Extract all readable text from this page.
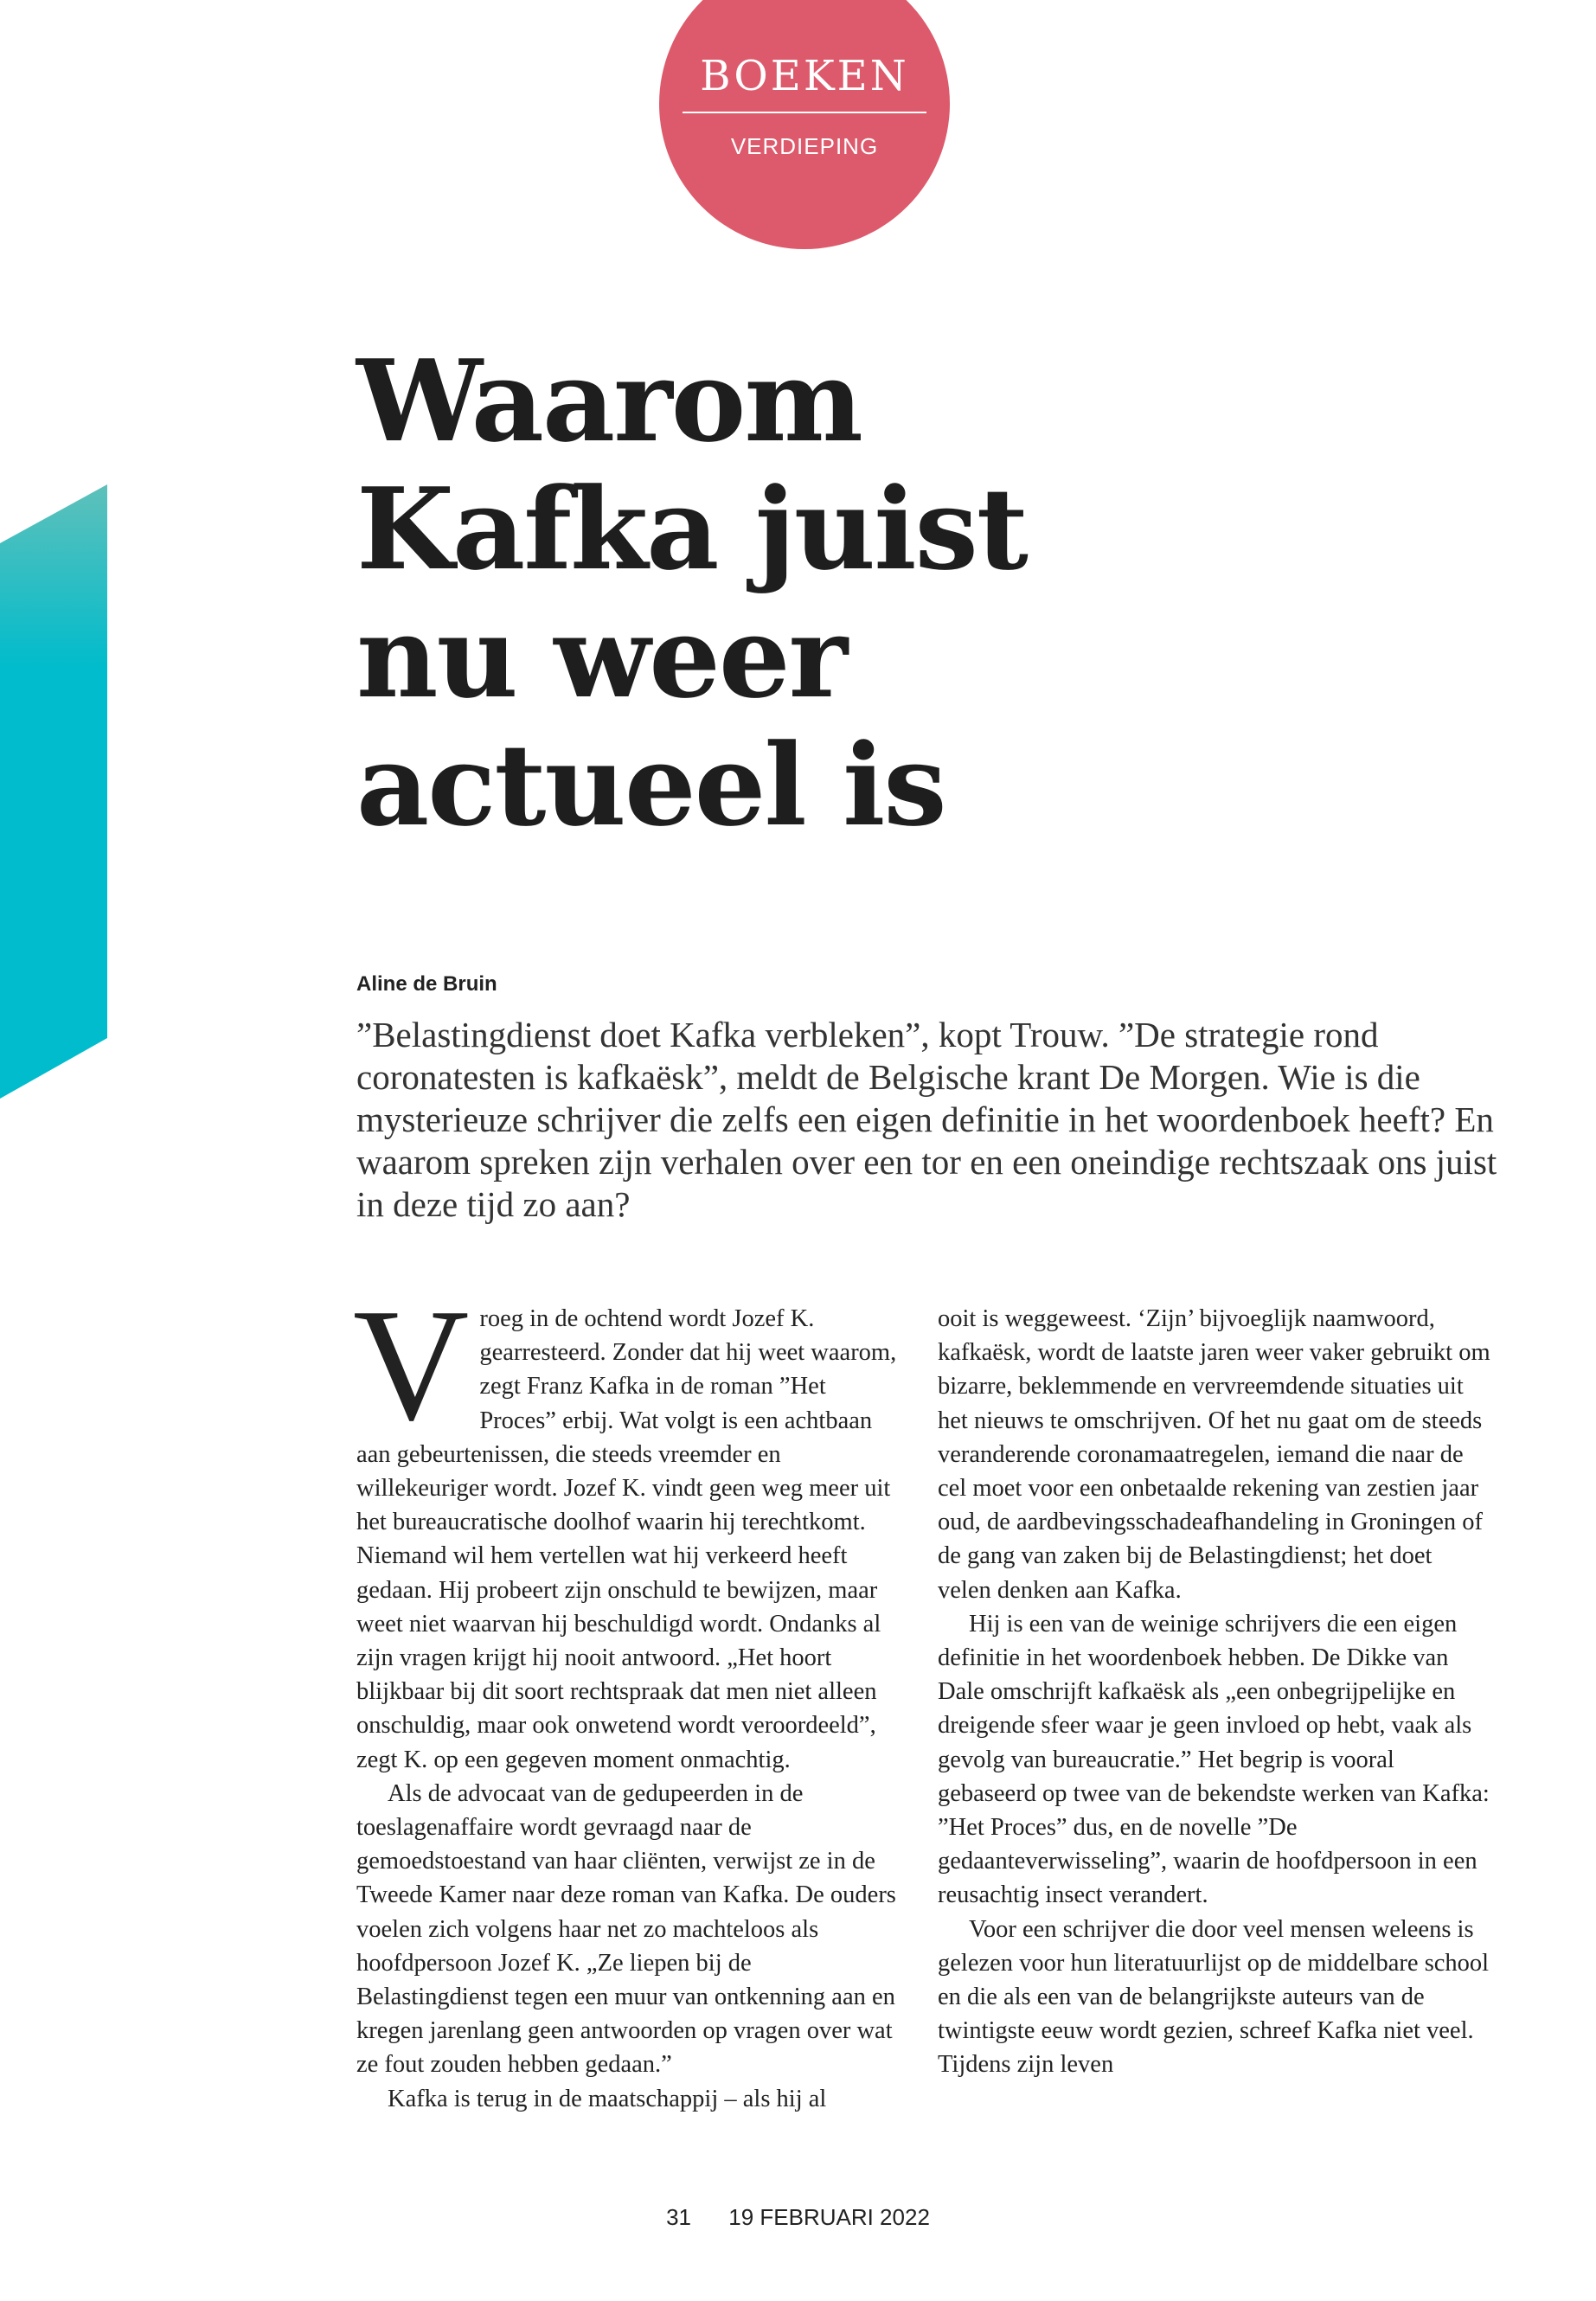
BOEKEN
VERDIEPING
Waarom
Kafka juist
nu weer
actueel is
Aline de Bruin

”Belastingdienst doet Kafka verbleken”, kopt Trouw. ”De strategie rond coronatesten is kafkaësk”, meldt de Belgische krant De Morgen. Wie is die mysterieuze schrijver die zelfs een eigen definitie in het woordenboek heeft? En waarom spreken zijn verhalen over een tor en een oneindige rechtszaak ons juist in deze tijd zo aan?

Vroeg in de ochtend wordt Jozef K. gearresteerd. Zonder dat hij weet waarom, zegt Franz Kafka in de roman ”Het Proces” erbij. Wat volgt is een achtbaan aan gebeurtenissen, die steeds vreemder en willekeuriger wordt. Jozef K. vindt geen weg meer uit het bureaucratische doolhof waarin hij terechtkomt. Niemand wil hem vertellen wat hij verkeerd heeft gedaan. Hij probeert zijn onschuld te bewijzen, maar weet niet waarvan hij beschuldigd wordt. Ondanks al zijn vragen krijgt hij nooit antwoord. „Het hoort blijkbaar bij dit soort rechtspraak dat men niet alleen onschuldig, maar ook onwetend wordt veroordeeld”, zegt K. op een gegeven moment onmachtig.

Als de advocaat van de gedupeerden in de toeslagenaffaire wordt gevraagd naar de gemoedstoestand van haar cliënten, verwijst ze in de Tweede Kamer naar deze roman van Kafka. De ouders voelen zich volgens haar net zo machteloos als hoofdpersoon Jozef K. „Ze liepen bij de Belastingdienst tegen een muur van ontkenning aan en kregen jarenlang geen antwoorden op vragen over wat ze fout zouden hebben gedaan.”

Kafka is terug in de maatschappij – als hij al

ooit is weggeweest. ‘Zijn’ bijvoeglijk naamwoord, kafkaësk, wordt de laatste jaren weer vaker gebruikt om bizarre, beklemmende en vervreemdende situaties uit het nieuws te omschrijven. Of het nu gaat om de steeds veranderende coronamaatregelen, iemand die naar de cel moet voor een onbetaalde rekening van zestien jaar oud, de aardbevingsschadeafhandeling in Groningen of de gang van zaken bij de Belastingdienst; het doet velen denken aan Kafka.

Hij is een van de weinige schrijvers die een eigen definitie in het woordenboek hebben. De Dikke van Dale omschrijft kafkaësk als „een onbegrijpelijke en dreigende sfeer waar je geen invloed op hebt, vaak als gevolg van bureaucratie.” Het begrip is vooral gebaseerd op twee van de bekendste werken van Kafka: ”Het Proces” dus, en de novelle ”De gedaanteverwisseling”, waarin de hoofdpersoon in een reusachtig insect verandert.

Voor een schrijver die door veel mensen weleens is gelezen voor hun literatuurlijst op de middelbare school en die als een van de belangrijkste auteurs van de twintigste eeuw wordt gezien, schreef Kafka niet veel. Tijdens zijn leven

31 19 FEBRUARI 2022
